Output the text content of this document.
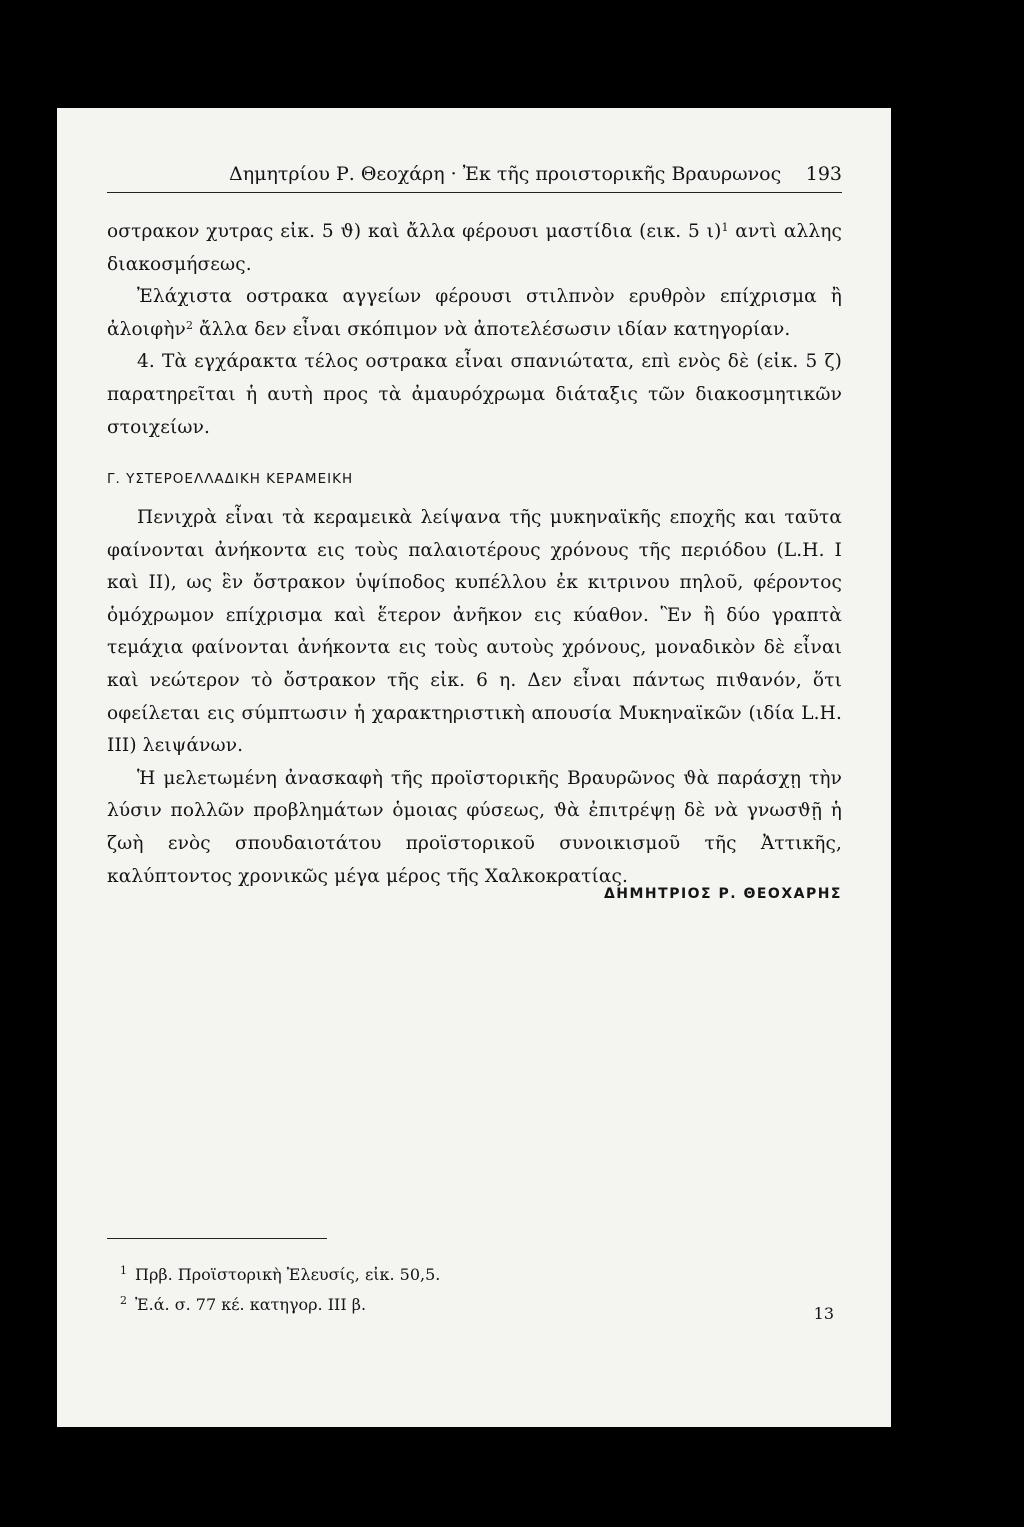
Δημητρίου Ρ. Θεοχάρη · Ἐκ τῆς προιστορικῆς Βραυρωνος 193

οστρακον χυτρας εἰκ. 5 ϑ) καὶ ἄλλα φέρουσι μαστίδια (εικ. 5 ι)$^1$ αντὶ αλλης διακοσμήσεως.

Ἐλάχιστα οστρακα αγγείων φέρουσι στιλπνὸν ερυθρὸν επίχρισμα ἢ ἀλοιφὴν$^2$ ἄλλα δεν εἶναι σκόπιμον νὰ ἀποτελέσωσιν ιδίαν κατηγορίαν.

4. Τὰ εγχάρακτα τέλος οστρακα εἶναι σπανιώτατα, επὶ ενὸς δὲ (εἰκ. 5 ζ) παρατηρεῖται ἡ αυτὴ προς τὰ ἀμαυρόχρωμα διάταξις τῶν διακοσμητικῶν στοιχείων.

Γ. ΥΣΤΕΡΟΕΛΛΑΔΙΚΗ ΚΕΡΑΜΕΙΚΗ

Πενιχρὰ εἶναι τὰ κεραμεικὰ λείψανα τῆς μυκηναϊκῆς εποχῆς και ταῦτα φαίνονται ἀνήκοντα εις τοὺς παλαιοτέρους χρόνους τῆς περιόδου (L.H. I καὶ II), ως ἓν ὄστρακον ὑψίποδος κυπέλλου ἐκ κιτρινου πηλοῦ, φέροντος ὁμόχρωμον επίχρισμα καὶ ἕτερον ἀνῆκον εις κύαθον. Ἓν ἢ δύο γραπτὰ τεμάχια φαίνονται ἀνήκοντα εις τοὺς αυτοὺς χρόνους, μοναδικὸν δὲ εἶναι καὶ νεώτερον τὸ ὄστρακον τῆς εἰκ. 6 η. Δεν εἶναι πάντως πιϑανόν, ὅτι οφείλεται εις σύμπτωσιν ἡ χαρακτηριστικὴ απουσία Μυκηναϊκῶν (ιδία L.H. III) λειψάνων.

Ἡ μελετωμένη ἀνασκαφὴ τῆς προϊστορικῆς Βραυρῶνος ϑὰ παράσχῃ τὴν λύσιν πολλῶν προβλημάτων ὁμοιας φύσεως, ϑὰ ἐπιτρέψῃ δὲ νὰ γνωσϑῇ ἡ ζωὴ ενὸς σπουδαιοτάτου προϊστορικοῦ συνοικισμοῦ τῆς Ἀττικῆς, καλύπτοντος χρονικῶς μέγα μέρος τῆς Χαλκοκρατίας.

ΔΗΜΗΤΡΙΟΣ Ρ. ΘΕΟΧΑΡΗΣ
$^1$ Πρβ. Προϊστορικὴ Ἐλευσίς, εἰκ. 50,5.
$^2$ Ἐ.ά. σ. 77 κέ. κατηγορ. III β.	13
